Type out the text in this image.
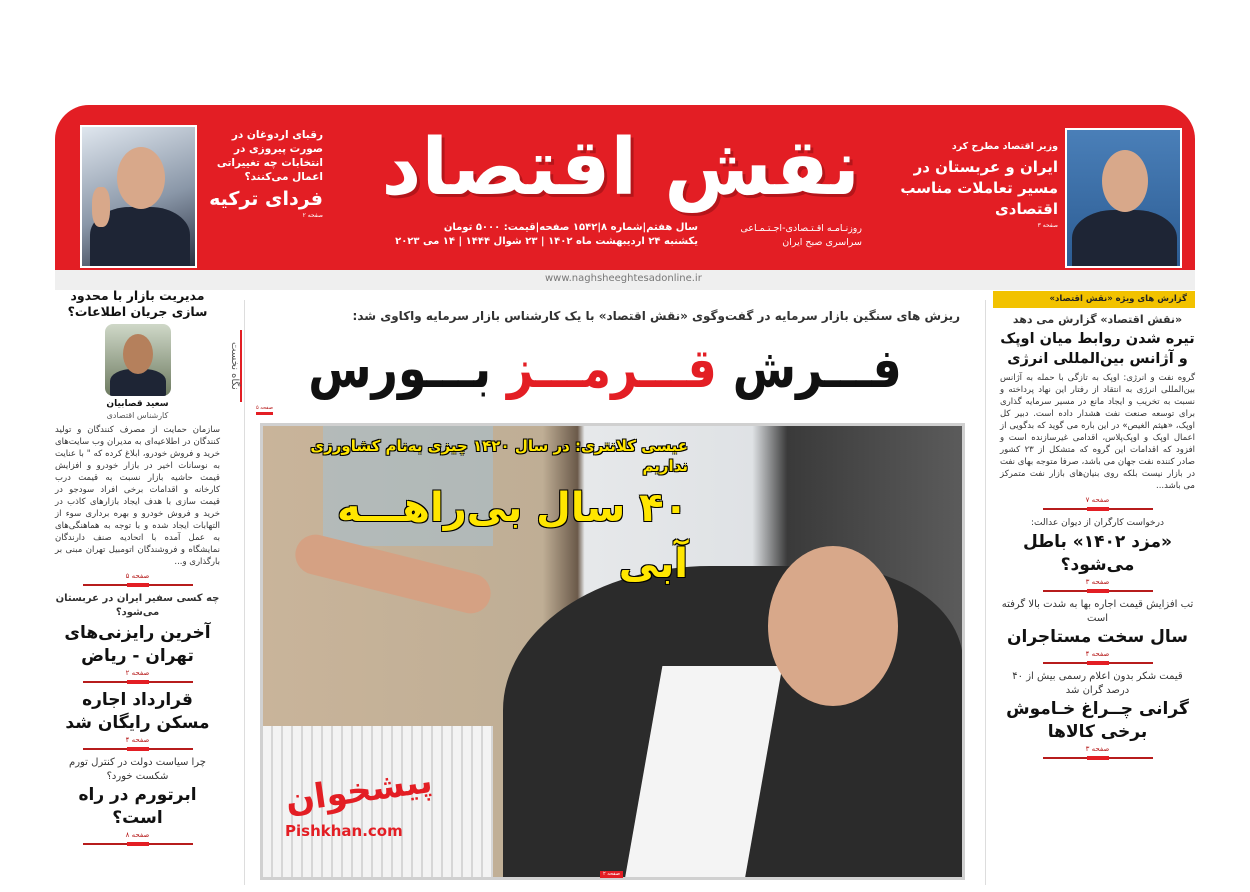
رقبای اردوغان در صورت پیروزی در انتخابات چه تغییراتی اعمال می‌کنند؟
فردای ترکیه
صفحه ۲
وزیر اقتصاد مطرح کرد
ایران و عربستان در مسیر تعاملات مناسب اقتصادی
صفحه ۳
نقش اقتصاد
روزنـامـه اقـتـصادی-اجـتـمـاعی
سراسری صبح ایران
سال هفتم|شماره ۸|۱۵۴۲ صفحه|قیمت: ۵۰۰۰ تومان
یکشنبه ۲۴ اردیبهشت ماه ۱۴۰۲ | ۲۳ شوال ۱۴۴۴ | ۱۴ می ۲۰۲۳
www.naghsheeghtesadonline.ir
ریزش های سنگین بازار سرمایه در گفت‌وگوی «نقش اقتصاد» با یک کارشناس بازار سرمایه واکاوی شد:
فـــرش قـــرمـــز بـــورس
صفحه ۵
عیسی کلانتری: در سال ۱۴۲۰ چیزی به‌نام کشاورزی نداریم
۴۰ سال بی‌راهـــه آبی
صفحه ۲
پیشخوان
Pishkhan.com
نگاه نخست
مدیریت بازار با محدود سازی جریان اطلاعات؟
سعید قصابیان
کارشناس اقتصادی
سازمان حمایت از مصرف کنندگان و تولید کنندگان در اطلاعیه‌ای به مدیران وب سایت‌های خرید و فروش خودرو، ابلاغ کرده که " با عنایت به نوسانات اخیر در بازار خودرو و افزایش قیمت حاشیه بازار نسبت به قیمت درب کارخانه و اقدامات برخی افراد سودجو در قیمت سازی با هدف ایجاد بازارهای کاذب در خرید و فروش خودرو و بهره برداری سوء از التهابات ایجاد شده و با توجه به هماهنگی‌های به عمل آمده با اتحادیه صنف دارندگان نمایشگاه و فروشندگان اتومبیل تهران مبنی بر بارگذاری و...
صفحه ۵
چه کسی سفیر ایران در عربستان می‌شود؟
آخرین رایزنی‌های تهران - ریاض
صفحه ۲
قرارداد اجاره مسکن رایگان شد
صفحه ۴
چرا سیاست دولت در کنترل تورم شکست خورد؟
ابرتورم در راه است؟
صفحه ۸
گزارش های ویژه «نقش اقتصاد»
«نقش اقتصاد» گزارش می دهد
تیره شدن روابط میان اوپک و آژانس بین‌المللی انرژی
گروه نفت و انرژی: اوپک به تازگی با حمله به آژانس بین‌المللی انرژی به انتقاد از رفتار این نهاد پرداخته و نسبت به تخریب و ایجاد مانع در مسیر سرمایه گذاری برای توسعه صنعت نفت هشدار داده است. دبیر کل اوپک، «هیثم الغیص» در این باره می گوید که بدگویی از اعمال اوپک و اوپک‌پلاس، اقدامی غیرسازنده است و افزود که اقدامات این گروه که متشکل از ۲۳ کشور صادر کننده نفت جهان می باشد، صرفا متوجه بهای نفت در بازار نیست بلکه روی بنیان‌های بازار نفت متمرکز می باشد...
صفحه ۷
درخواست کارگران از دیوان عدالت:
«مزد ۱۴۰۲» باطل می‌شود؟
صفحه ۳
تب افزایش قیمت اجاره بها به شدت بالا گرفته است
سال سخت مستاجران
صفحه ۴
قیمت شکر بدون اعلام رسمی بیش از ۴۰ درصد گران شد
گرانی چــراغ خـاموش برخی کالاها
صفحه ۳
